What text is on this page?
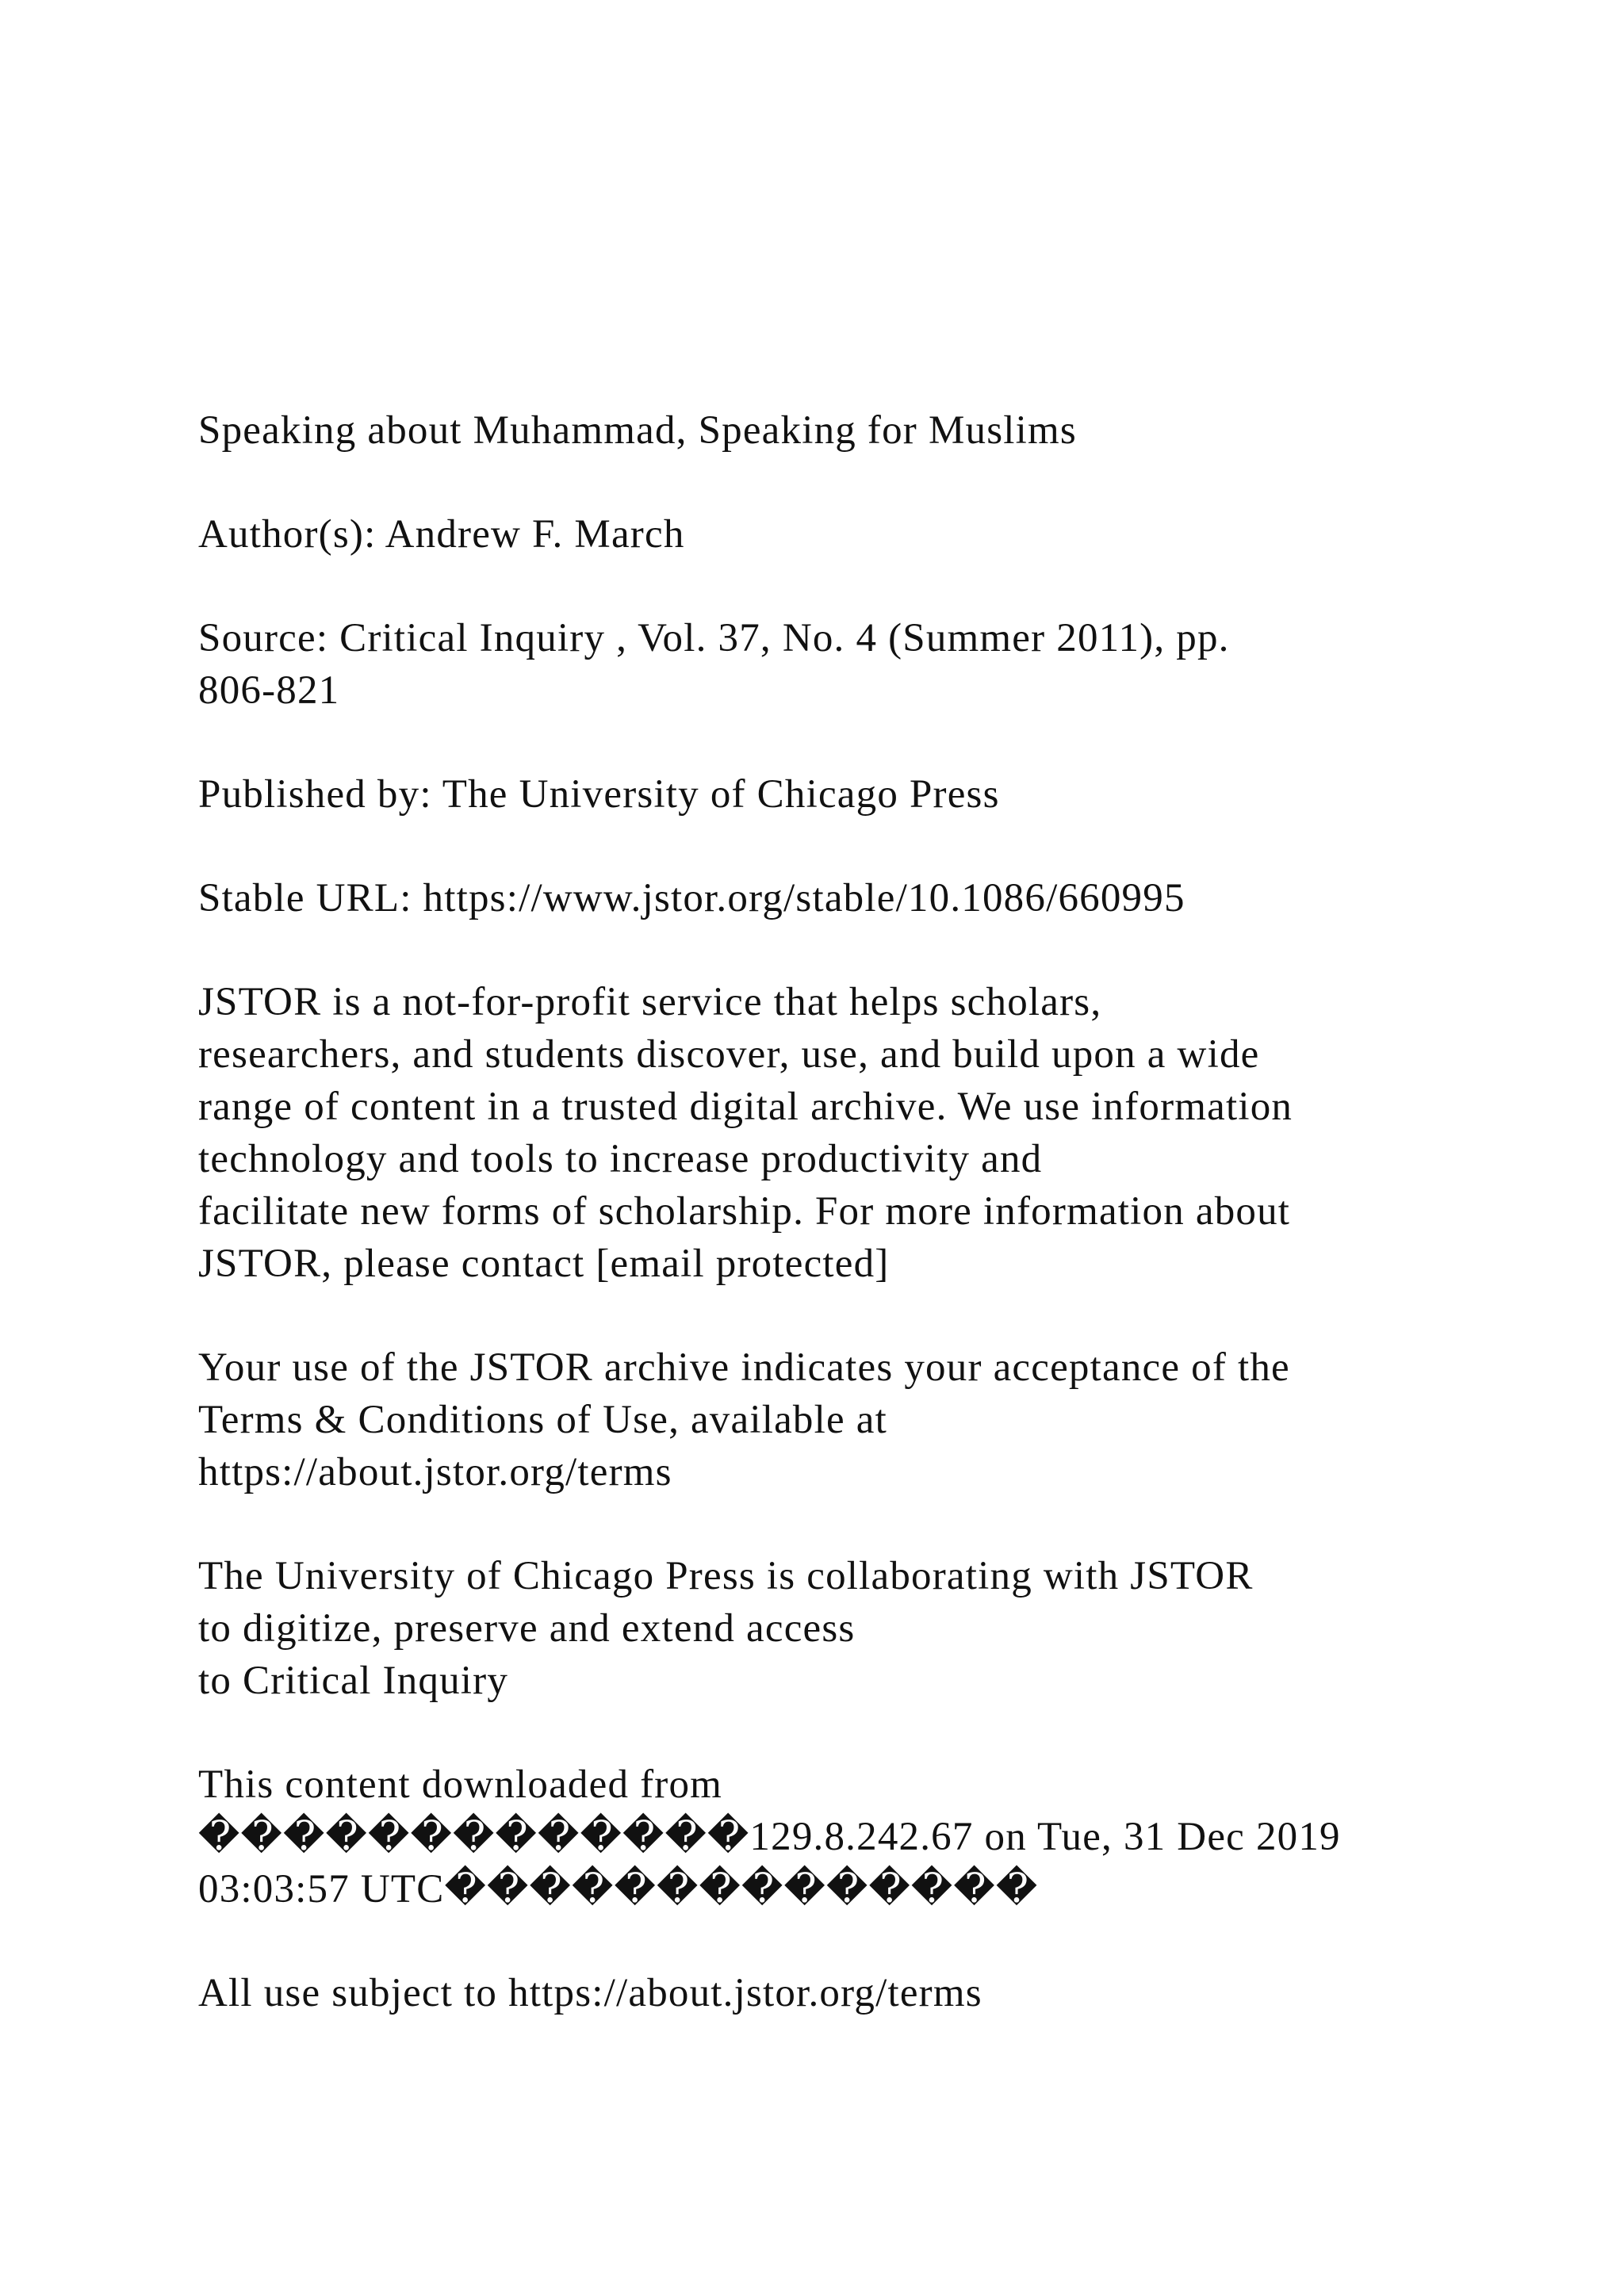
Speaking about Muhammad, Speaking for Muslims
Author(s): Andrew F. March
Source: Critical Inquiry , Vol. 37, No. 4 (Summer 2011), pp.
806-821
Published by: The University of Chicago Press
Stable URL: https://www.jstor.org/stable/10.1086/660995
JSTOR is a not-for-profit service that helps scholars,
researchers, and students discover, use, and build upon a wide
range of content in a trusted digital archive. We use information
technology and tools to increase productivity and
facilitate new forms of scholarship. For more information about
JSTOR, please contact [email protected]
Your use of the JSTOR archive indicates your acceptance of the
Terms & Conditions of Use, available at
https://about.jstor.org/terms
The University of Chicago Press is collaborating with JSTOR
to digitize, preserve and extend access
to Critical Inquiry
This content downloaded from
�������������129.8.242.67 on Tue, 31 Dec 2019
03:03:57 UTC��������������
All use subject to https://about.jstor.org/terms
